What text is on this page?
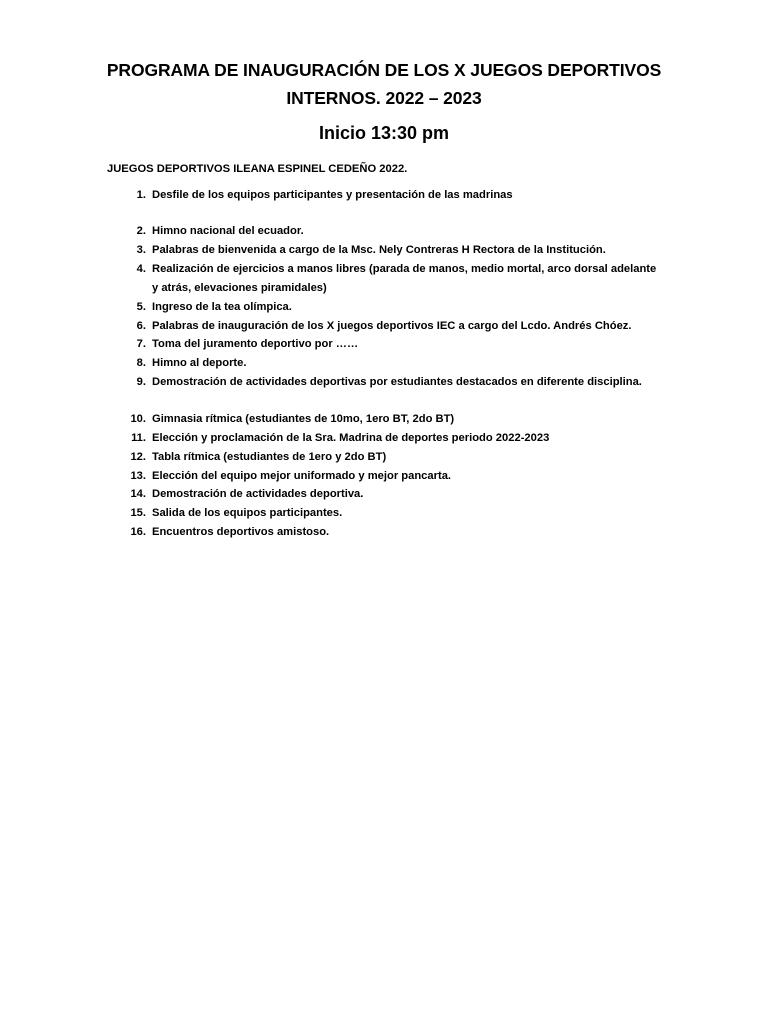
PROGRAMA DE INAUGURACIÓN DE LOS X JUEGOS DEPORTIVOS INTERNOS. 2022 – 2023
Inicio 13:30 pm
JUEGOS DEPORTIVOS ILEANA ESPINEL CEDEÑO 2022.
1. Desfile de los equipos participantes y presentación de las madrinas
2. Himno nacional del ecuador.
3. Palabras de bienvenida a cargo de la Msc. Nely Contreras H Rectora de la Institución.
4. Realización de ejercicios a manos libres (parada de manos, medio mortal, arco dorsal adelante y atrás, elevaciones piramidales)
5. Ingreso de la tea olímpica.
6. Palabras de inauguración de los X juegos deportivos IEC a cargo del Lcdo. Andrés Chóez.
7. Toma del juramento deportivo por ……
8. Himno al deporte.
9. Demostración de actividades deportivas por estudiantes destacados en diferente disciplina.
10. Gimnasia rítmica (estudiantes de 10mo, 1ero BT, 2do BT)
11. Elección y proclamación de la Sra. Madrina de deportes periodo 2022-2023
12. Tabla rítmica (estudiantes de 1ero y 2do BT)
13. Elección del equipo mejor uniformado y mejor pancarta.
14. Demostración de actividades deportiva.
15. Salida de los equipos participantes.
16. Encuentros deportivos amistoso.
